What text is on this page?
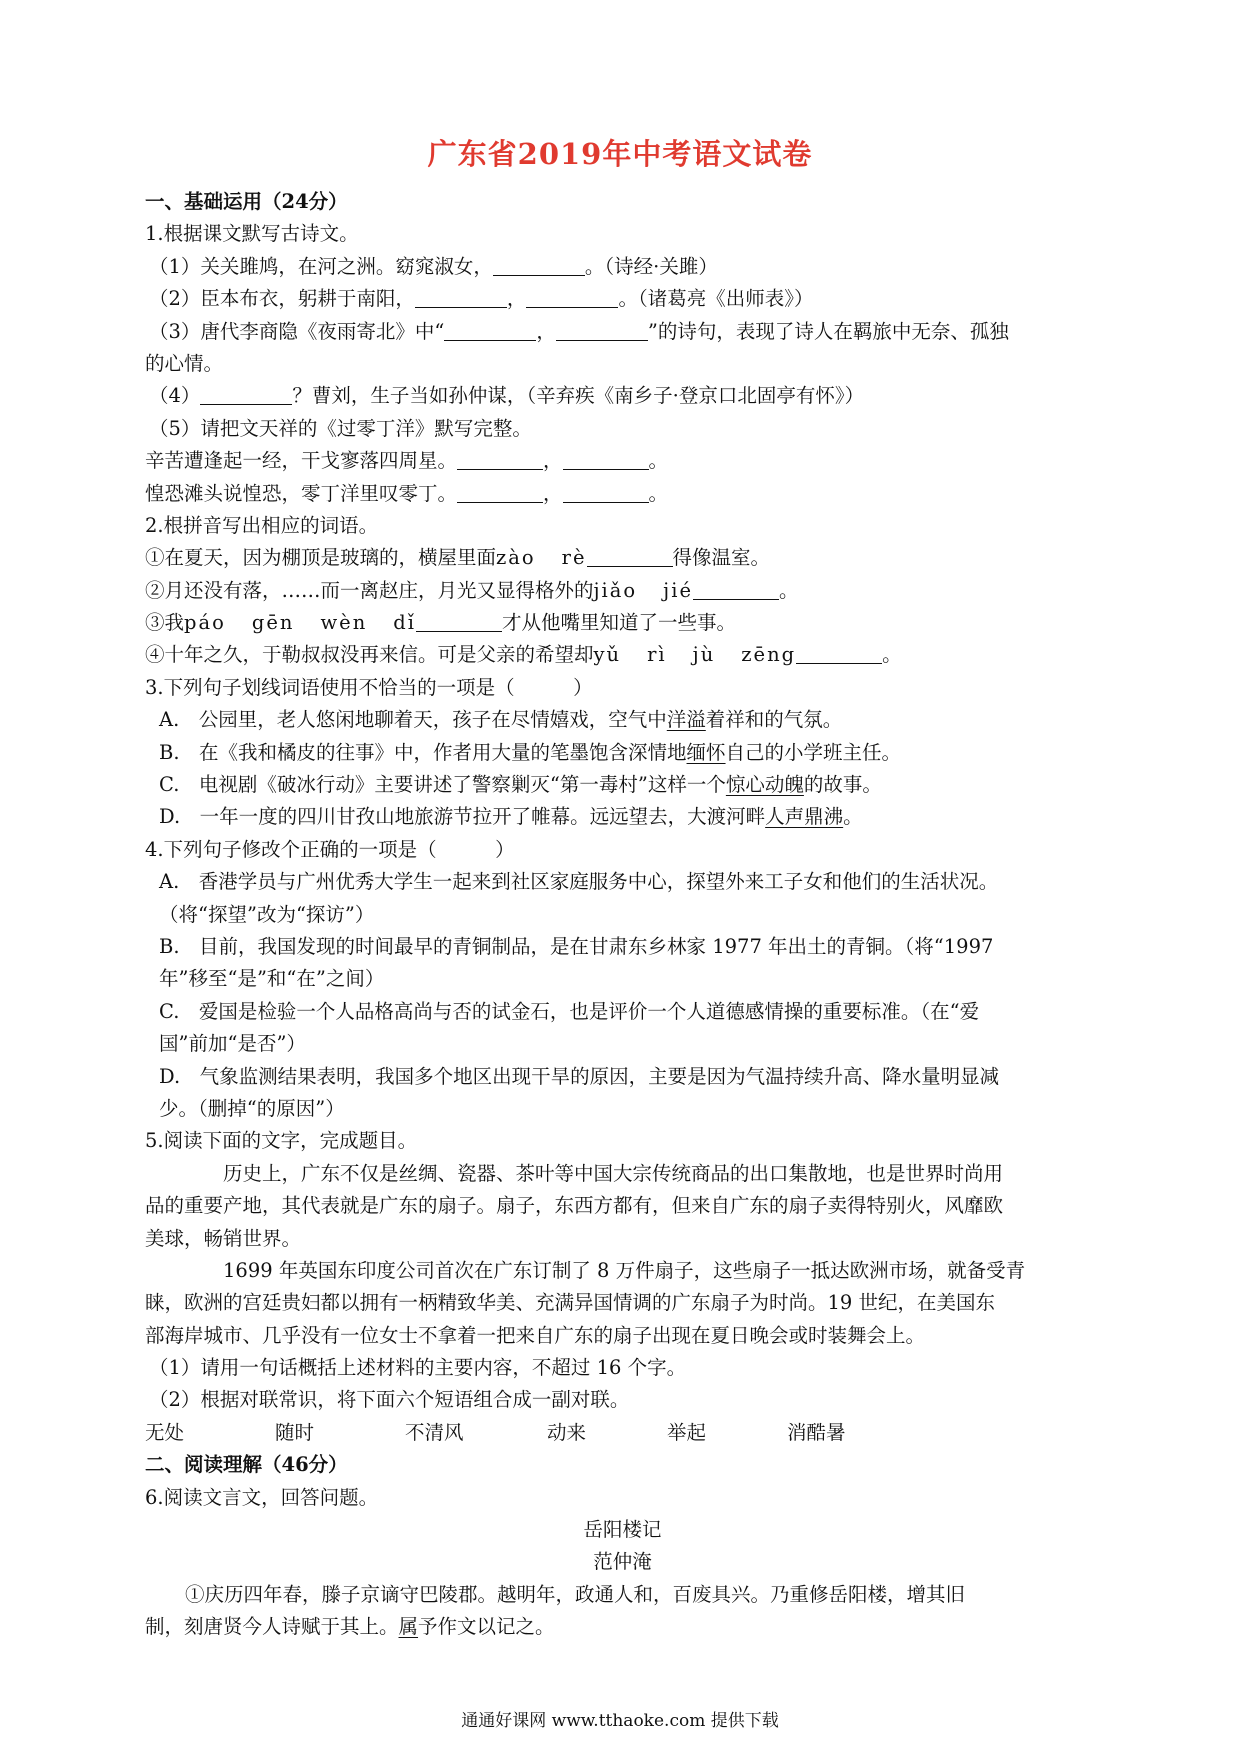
广东省2019年中考语文试卷
一、基础运用（24分）
1.根据课文默写古诗文。
（1）关关雎鸠，在河之洲。窈窕淑女，	。（诗经·关雎）
（2）臣本布衣，躬耕于南阳，	，	。（诸葛亮《出师表》）
（3）唐代李商隐《夜雨寄北》中“	，	”的诗句，表现了诗人在羁旅中无奈、孤独
的心情。
（4）	？曹刘，生子当如孙仲谋，（辛弃疾《南乡子·登京口北固亭有怀》）
（5）请把文天祥的《过零丁洋》默写完整。
辛苦遭逢起一经，干戈寥落四周星。	，	。
惶恐滩头说惶恐，零丁洋里叹零丁。	，	。
2.根拼音写出相应的词语。
①在夏天，因为棚顶是玻璃的，横屋里面zào rè	得像温室。
②月还没有落，……而一离赵庄，月光又显得格外的jiǎo jié	。
③我páo gēn wèn dǐ	才从他嘴里知道了一些事。
④十年之久，于勒叔叔没再来信。可是父亲的希望却yǔ rì jù zēng	。
3.下列句子划线词语使用不恰当的一项是（　　　）
A.　公园里，老人悠闲地聊着天，孩子在尽情嬉戏，空气中洋溢着祥和的气氛。
B.　在《我和橘皮的往事》中，作者用大量的笔墨饱含深情地缅怀自己的小学班主任。
C.　电视剧《破冰行动》主要讲述了警察剿灭“第一毒村”这样一个惊心动魄的故事。
D.　一年一度的四川甘孜山地旅游节拉开了帷幕。远远望去，大渡河畔人声鼎沸。
4.下列句子修改个正确的一项是（　　　）
A.　香港学员与广州优秀大学生一起来到社区家庭服务中心，探望外来工子女和他们的生活状况。
（将“探望”改为“探访”）
B.　目前，我国发现的时间最早的青铜制品，是在甘肃东乡林家 1977 年出土的青铜。（将“1997
年”移至“是”和“在”之间）
C.　爱国是检验一个人品格高尚与否的试金石，也是评价一个人道德感情操的重要标准。（在“爱
国”前加“是否”）
D.　气象监测结果表明，我国多个地区出现干旱的原因，主要是因为气温持续升高、降水量明显减
少。（删掉“的原因”）
5.阅读下面的文字，完成题目。
历史上，广东不仅是丝绸、瓷器、茶叶等中国大宗传统商品的出口集散地，也是世界时尚用
品的重要产地，其代表就是广东的扇子。扇子，东西方都有，但来自广东的扇子卖得特别火，风靡欧
美球，畅销世界。
1699 年英国东印度公司首次在广东订制了 8 万件扇子，这些扇子一抵达欧洲市场，就备受青
睐，欧洲的宫廷贵妇都以拥有一柄精致华美、充满异国情调的广东扇子为时尚。19 世纪，在美国东
部海岸城市、几乎没有一位女士不拿着一把来自广东的扇子出现在夏日晚会或时装舞会上。
（1）请用一句话概括上述材料的主要内容，不超过 16 个字。
（2）根据对联常识，将下面六个短语组合成一副对联。
无处	随时	不清风	动来	举起	消酷暑
二、阅读理解（46分）
6.阅读文言文，回答问题。
岳阳楼记
范仲淹
①庆历四年春，滕子京谪守巴陵郡。越明年，政通人和，百废具兴。乃重修岳阳楼，增其旧
制，刻唐贤今人诗赋于其上。属予作文以记之。
通通好课网 www.tthaoke.com 提供下载
